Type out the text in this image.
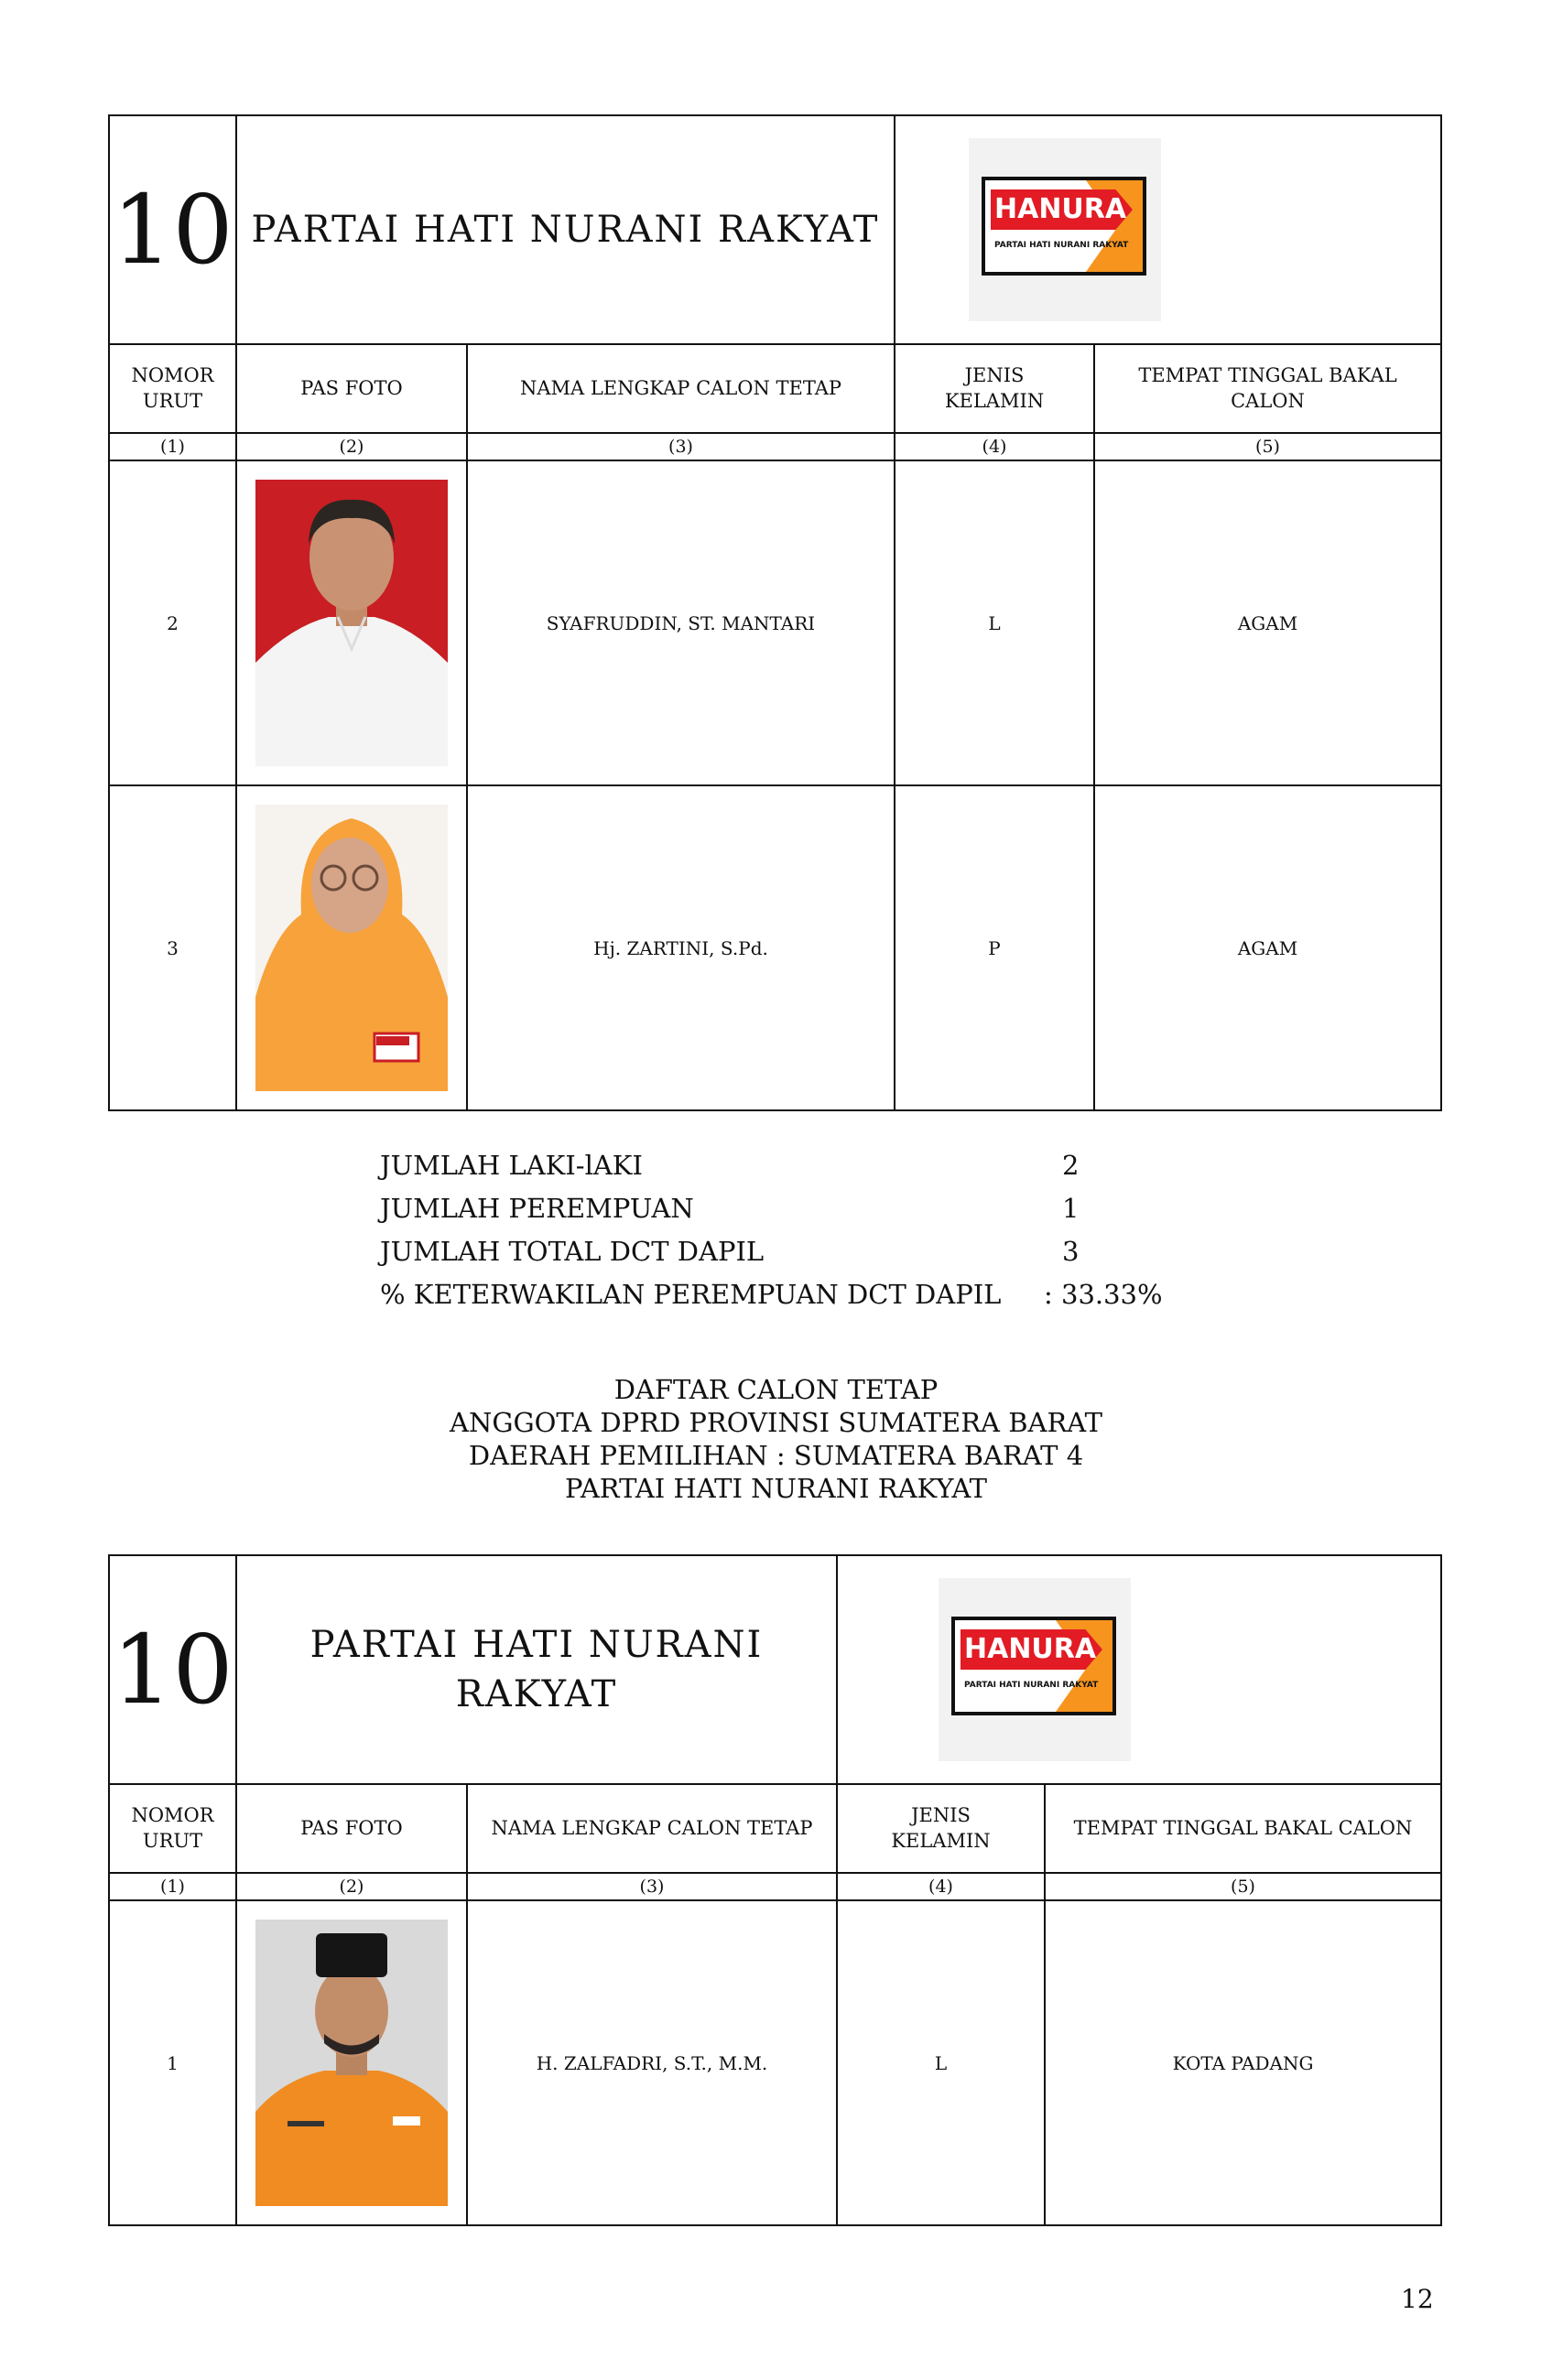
10	PARTAI HATI NURANI RAKYAT		HANURA
PARTAI HATI NURANI RAKYAT	

NOMOR URUT	PAS FOTO	NAMA LENGKAP CALON TETAP	JENIS KELAMIN	TEMPAT TINGGAL BAKAL CALON
(1)	(2)	(3)	(4)	(5)
2		SYAFRUDDIN, ST. MANTARI	L	AGAM
3		Hj. ZARTINI, S.Pd.	P	AGAM
JUMLAH LAKI-lAKI	2
JUMLAH PEREMPUAN	1
JUMLAH TOTAL DCT DAPIL	3
% KETERWAKILAN PEREMPUAN DCT DAPIL : 33.33%
DAFTAR CALON TETAP
ANGGOTA DPRD PROVINSI SUMATERA BARAT
DAERAH PEMILIHAN : SUMATERA BARAT 4
PARTAI HATI NURANI RAKYAT
10	PARTAI HATI NURANI RAKYAT		HANURA
PARTAI HATI NURANI RAKYAT	

NOMOR URUT	PAS FOTO	NAMA LENGKAP CALON TETAP	JENIS KELAMIN	TEMPAT TINGGAL BAKAL CALON
(1)	(2)	(3)	(4)	(5)
1		H. ZALFADRI, S.T., M.M.	L	KOTA PADANG
12
